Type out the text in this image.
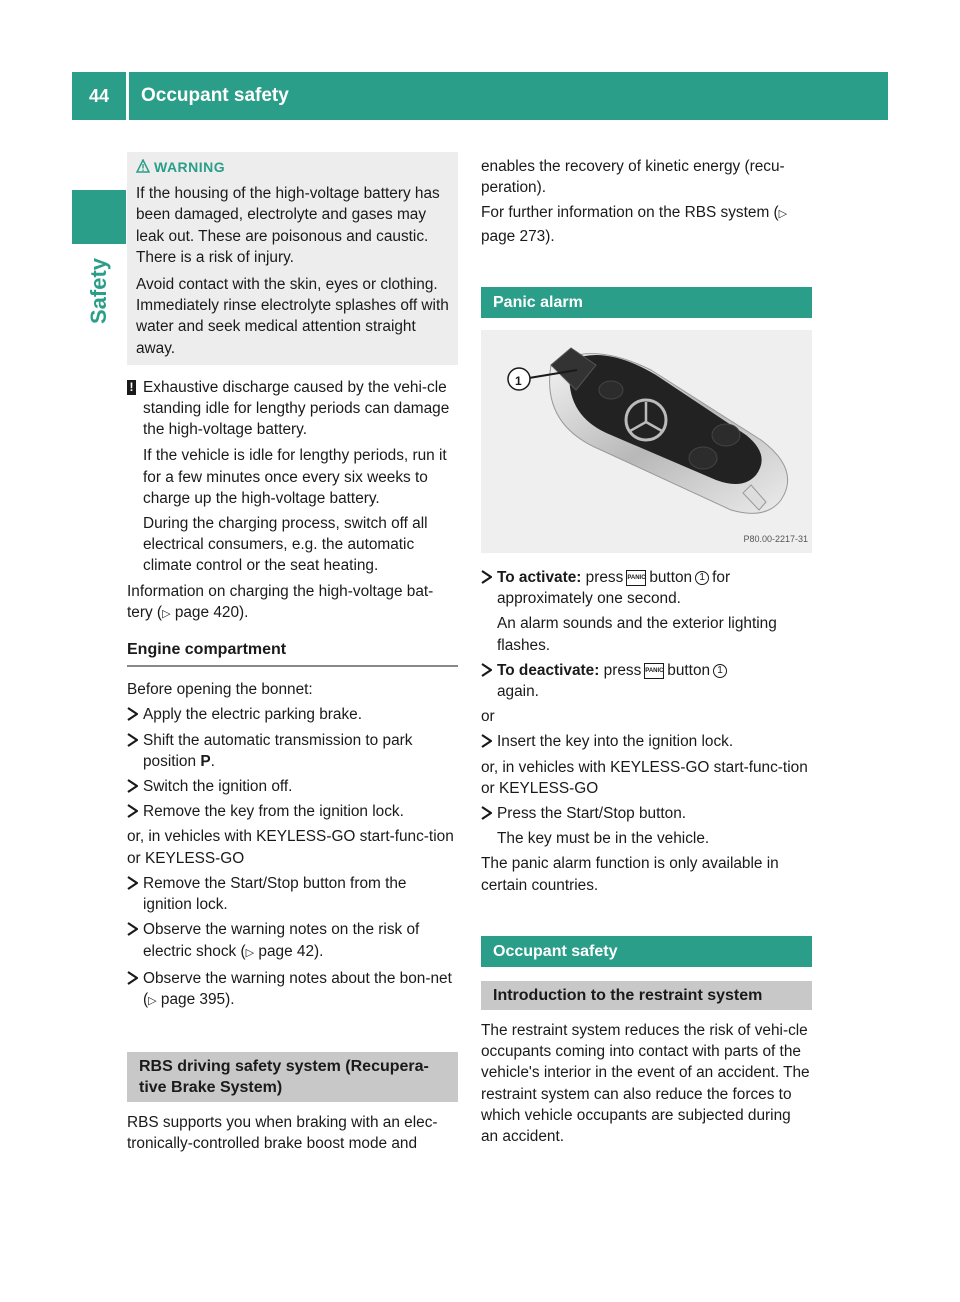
44	Occupant safety
Safety
WARNING

If the housing of the high-voltage battery has been damaged, electrolyte and gases may leak out. These are poisonous and caustic. There is a risk of injury.

Avoid contact with the skin, eyes or clothing. Immediately rinse electrolyte splashes off with water and seek medical attention straight away.

! Exhaustive discharge caused by the vehi-cle standing idle for lengthy periods can damage the high-voltage battery.

If the vehicle is idle for lengthy periods, run it for a few minutes once every six weeks to charge up the high-voltage battery.

During the charging process, switch off all electrical consumers, e.g. the automatic climate control or the seat heating.

Information on charging the high-voltage bat-tery (▷ page 420).

Engine compartment

Before opening the bonnet:

Apply the electric parking brake.
Shift the automatic transmission to park position P.
Switch the ignition off.
Remove the key from the ignition lock.

or, in vehicles with KEYLESS-GO start-func-tion or KEYLESS-GO

Remove the Start/Stop button from the ignition lock.
Observe the warning notes on the risk of electric shock (▷ page 42).
Observe the warning notes about the bon-net (▷ page 395).
RBS driving safety system (Recupera-tive Brake System)

RBS supports you when braking with an elec-tronically-controlled brake boost mode and

enables the recovery of kinetic energy (recu-peration).

For further information on the RBS system (▷ page 273).

Panic alarm
1
P80.00-2217-31
To activate: press PANIC button 1 for approximately one second.

An alarm sounds and the exterior lighting flashes.

To deactivate: press PANIC button 1
again.

or

Insert the key into the ignition lock.

or, in vehicles with KEYLESS-GO start-func-tion or KEYLESS-GO

Press the Start/Stop button.

The key must be in the vehicle.

The panic alarm function is only available in certain countries.

Occupant safety
Introduction to the restraint system

The restraint system reduces the risk of vehi-cle occupants coming into contact with parts of the vehicle's interior in the event of an accident. The restraint system can also reduce the forces to which vehicle occupants are subjected during an accident.
